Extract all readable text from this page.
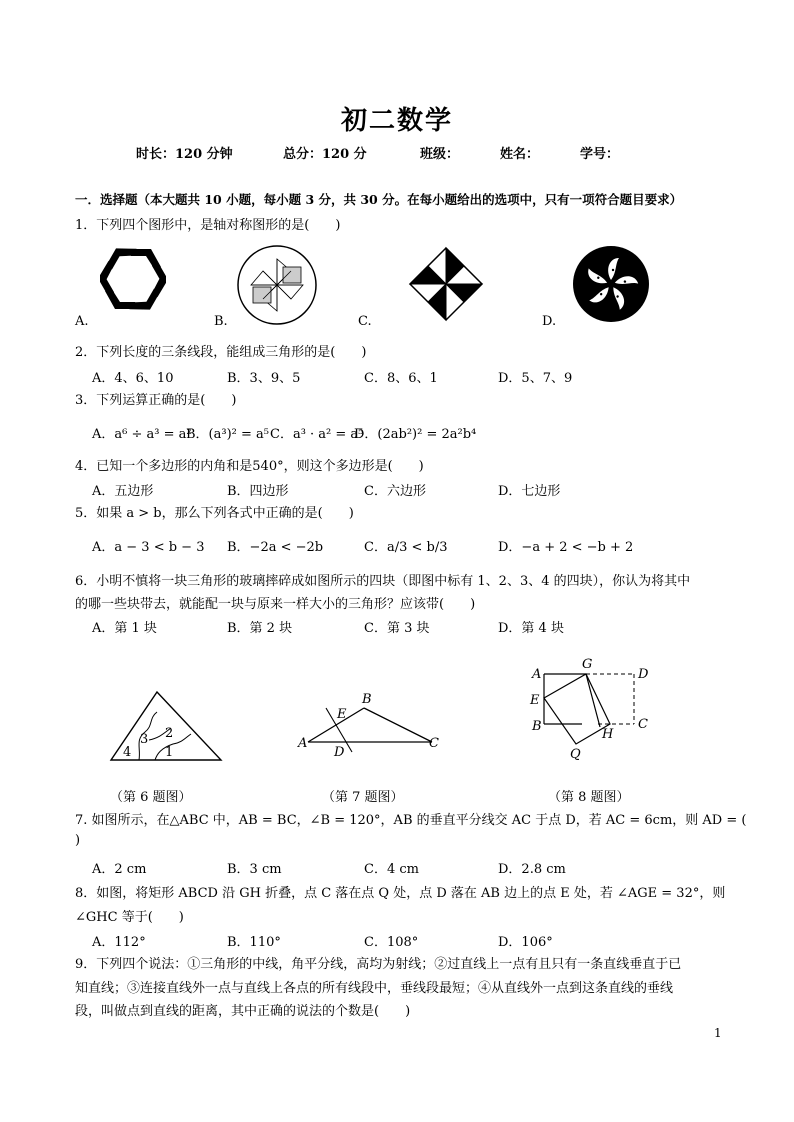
初二数学
时长：120 分钟	总分：120 分	班级：	姓名：	学号：
一．选择题（本大题共 10 小题，每小题 3 分，共 30 分。在每小题给出的选项中，只有一项符合题目要求）
1．下列四个图形中，是轴对称图形的是(　　)
A.	B.	C.	D.
2．下列长度的三条线段，能组成三角形的是(　　)
A．4、6、10	B．3、9、5	C．8、6、1	D．5、7、9
3．下列运算正确的是(　　)
A．a⁶ ÷ a³ = a²
B．(a³)² = a⁵ C．a³ · a² = a⁵
D．(2ab²)² = 2a²b⁴
4．已知一个多边形的内角和是540°，则这个多边形是(　　)
A．五边形	B．四边形	C．六边形	D．七边形
5．如果 a > b，那么下列各式中正确的是(　　)
A．a − 3 < b − 3 B．−2a < −2b	C．a/3 < b/3	D．−a + 2 < −b + 2
6．小明不慎将一块三角形的玻璃摔碎成如图所示的四块（即图中标有 1、2、3、4 的四块），你认为将其中
的哪一些块带去，就能配一块与原来一样大小的三角形？应该带(　　)
A．第 1 块	B．第 2 块	C．第 3 块	D．第 4 块
2
3
1
4
A
B
C
D
E
A
B	C
D
E
G
H
Q
（第 6 题图）	（第 7 题图）	（第 8 题图）
7. 如图所示，在△ABC 中，AB = BC，∠B = 120°，AB 的垂直平分线交 AC 于点 D，若 AC = 6cm，则 AD = (
)
A．2 cm	B．3 cm	C．4 cm	D．2.8 cm
8．如图，将矩形 ABCD 沿 GH 折叠，点 C 落在点 Q 处，点 D 落在 AB 边上的点 E 处，若 ∠AGE = 32°，则
∠GHC 等于(　　)
A．112°	B．110°	C．108°	D．106°
9．下列四个说法：①三角形的中线，角平分线，高均为射线；②过直线上一点有且只有一条直线垂直于已
知直线；③连接直线外一点与直线上各点的所有线段中，垂线段最短；④从直线外一点到这条直线的垂线
段，叫做点到直线的距离，其中正确的说法的个数是(　　)
1
